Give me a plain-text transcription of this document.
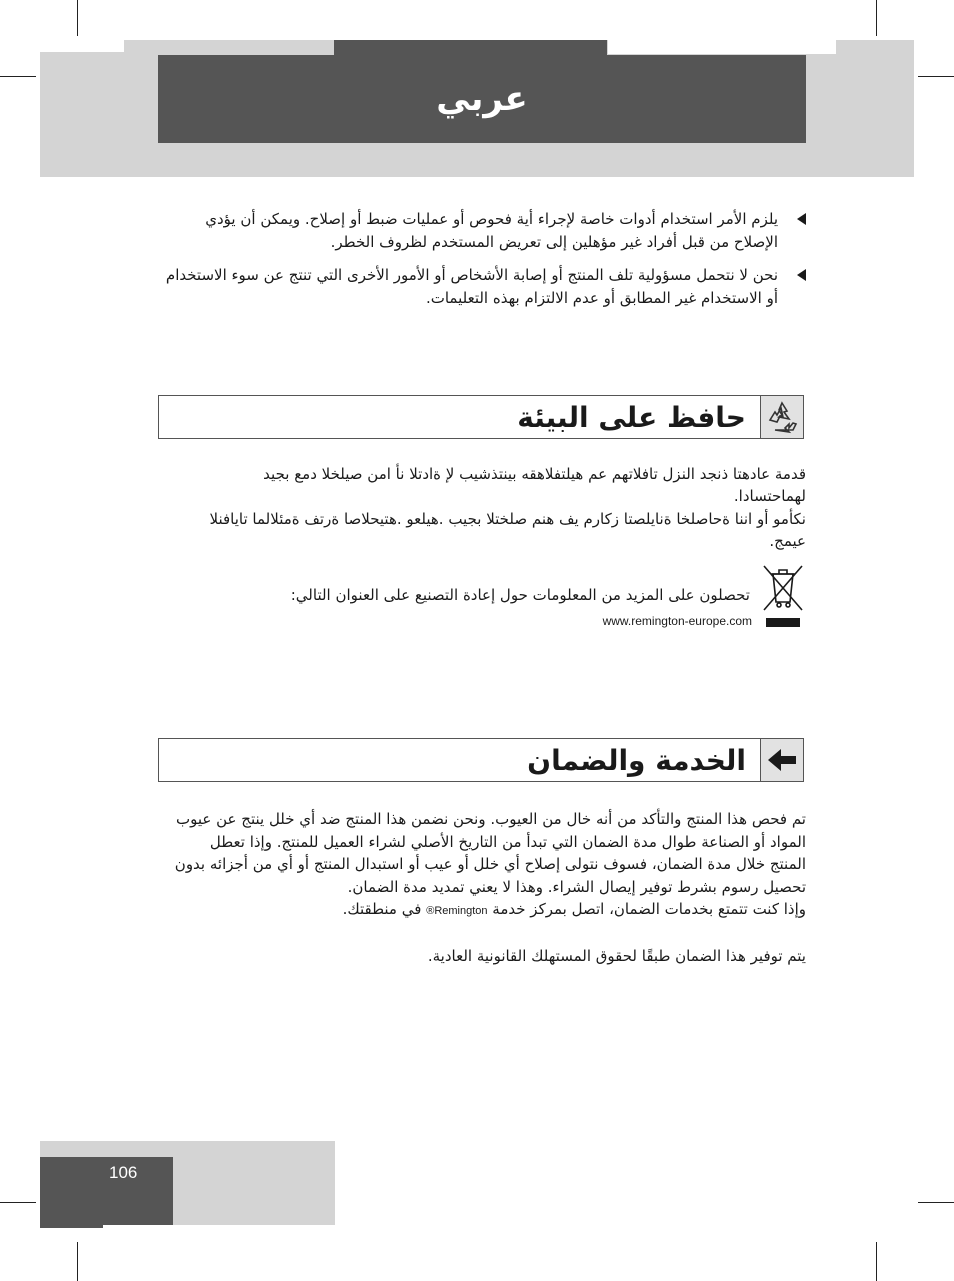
عربي
يلزم الأمر استخدام أدوات خاصة لإجراء أية فحوص أو عمليات ضبط أو إصلاح. ويمكن أن يؤدي الإصلاح من قبل أفراد غير مؤهلين إلى تعريض المستخدم لظروف الخطر.
نحن لا نتحمل مسؤولية تلف المنتج أو إصابة الأشخاص أو الأمور الأخرى التي تنتج عن سوء الاستخدام أو الاستخدام غير المطابق أو عدم الالتزام بهذه التعليمات.
حافظ على البيئة
قدمة عادهتا ذنجد النزل تافلاتهم عم هيلتفلاهقه بينتذشيب لإ ةادتلا نأ امن صيلخلا دمع بجيد لهماحتسادا.
نكأمو أو اننا ةحاصلخا ةنايلصتا زكارم يف هنم صلختلا بجيب .هيلعو .هتيحلاصا ةرتف ةمئلالما تايافنلا عيمج.
تحصلون على المزيد من المعلومات حول إعادة التصنيع على العنوان التالي:
www.remington-europe.com
الخدمة والضمان

تم فحص هذا المنتج والتأكد من أنه خال من العيوب. ونحن نضمن هذا المنتج ضد أي خلل ينتج عن عيوب المواد أو الصناعة طوال مدة الضمان التي تبدأ من التاريخ الأصلي لشراء العميل للمنتج. وإذا تعطل المنتج خلال مدة الضمان، فسوف نتولى إصلاح أي خلل أو عيب أو استبدال المنتج أو أي من أجزائه بدون تحصيل رسوم بشرط توفير إيصال الشراء. وهذا لا يعني تمديد مدة الضمان.

وإذا كنت تتمتع بخدمات الضمان، اتصل بمركز خدمة Remington® في منطقتك.

يتم توفير هذا الضمان طبقًا لحقوق المستهلك القانونية العادية.

106
